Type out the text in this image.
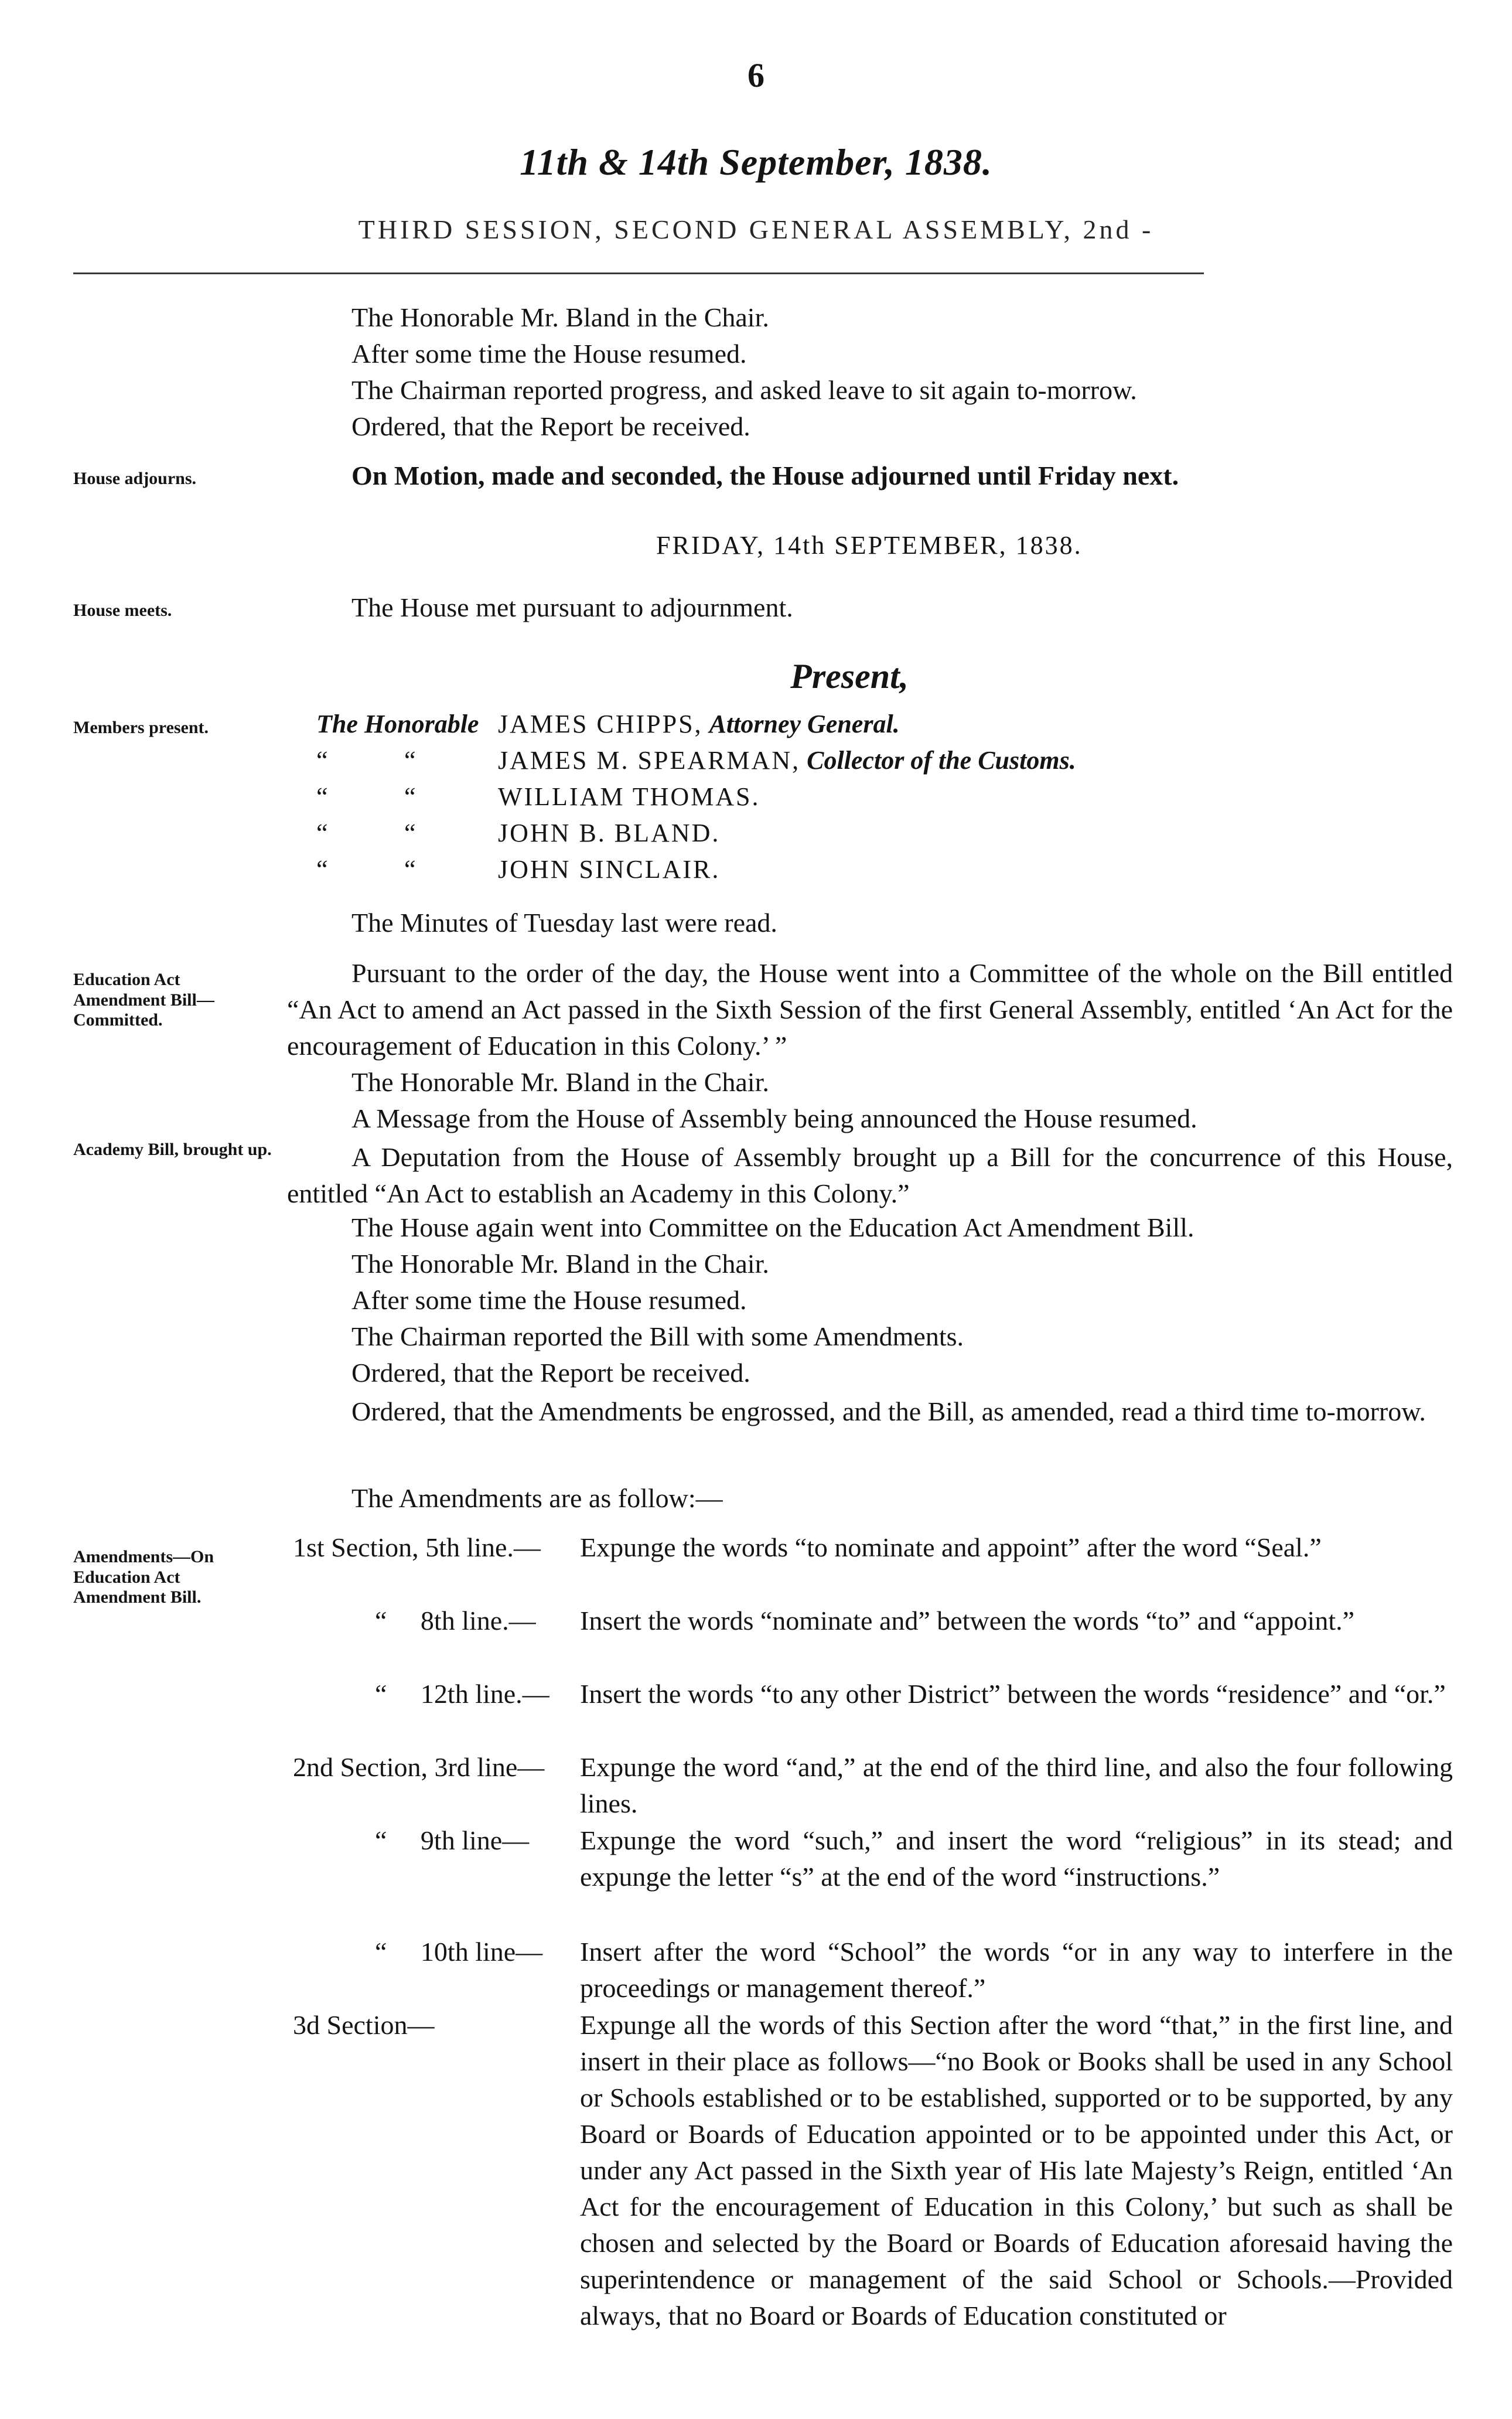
6
11th & 14th September, 1838.
THIRD SESSION, SECOND GENERAL ASSEMBLY, 2nd -
The Honorable Mr. Bland in the Chair.
After some time the House resumed.
The Chairman reported progress, and asked leave to sit again to-morrow.
Ordered, that the Report be received.
On Motion, made and seconded, the House adjourned until Friday next.
House adjourns.
House meets.
Members present.
Education Act Amendment Bill—Committed.
Academy Bill, brought up.
Amendments—On Education Act Amendment Bill.
FRIDAY, 14th SEPTEMBER, 1838.
The House met pursuant to adjournment.
Present,
The Honorable JAMES CHIPPS, Attorney General.
“	“	JAMES M. SPEARMAN, Collector of the Customs.
“	“	WILLIAM THOMAS.
“	“	JOHN B. BLAND.
“	“	JOHN SINCLAIR.
The Minutes of Tuesday last were read.
Pursuant to the order of the day, the House went into a Committee of the whole on the Bill entitled “An Act to amend an Act passed in the Sixth Session of the first General Assembly, entitled ‘An Act for the encouragement of Education in this Colony.’ ”
The Honorable Mr. Bland in the Chair.
A Message from the House of Assembly being announced the House resumed.
A Deputation from the House of Assembly brought up a Bill for the concurrence of this House, entitled “An Act to establish an Academy in this Colony.”
The House again went into Committee on the Education Act Amendment Bill.
The Honorable Mr. Bland in the Chair.
After some time the House resumed.
The Chairman reported the Bill with some Amendments.
Ordered, that the Report be received.
Ordered, that the Amendments be engrossed, and the Bill, as amended, read a third time to-morrow.
The Amendments are as follow:—
1st Section, 5th line.— Expunge the words “to nominate and appoint” after the word “Seal.”
“     8th line.— Insert the words “nominate and” between the words “to” and “appoint.”
“     12th line.— Insert the words “to any other District” between the words “residence” and “or.”
2nd Section, 3rd line— Expunge the word “and,” at the end of the third line, and also the four following lines.
“     9th line— Expunge the word “such,” and insert the word “religious” in its stead; and expunge the letter “s” at the end of the word “instructions.”
“     10th line— Insert after the word “School” the words “or in any way to interfere in the proceedings or management thereof.”
3d Section—	Expunge all the words of this Section after the word “that,” in the first line, and insert in their place as follows—“no Book or Books shall be used in any School or Schools established or to be established, supported or to be supported, by any Board or Boards of Education appointed or to be appointed under this Act, or under any Act passed in the Sixth year of His late Majesty’s Reign, entitled ‘An Act for the encouragement of Education in this Colony,’ but such as shall be chosen and selected by the Board or Boards of Education aforesaid having the superintendence or management of the said School or Schools.—Provided always, that no Board or Boards of Education constituted or
